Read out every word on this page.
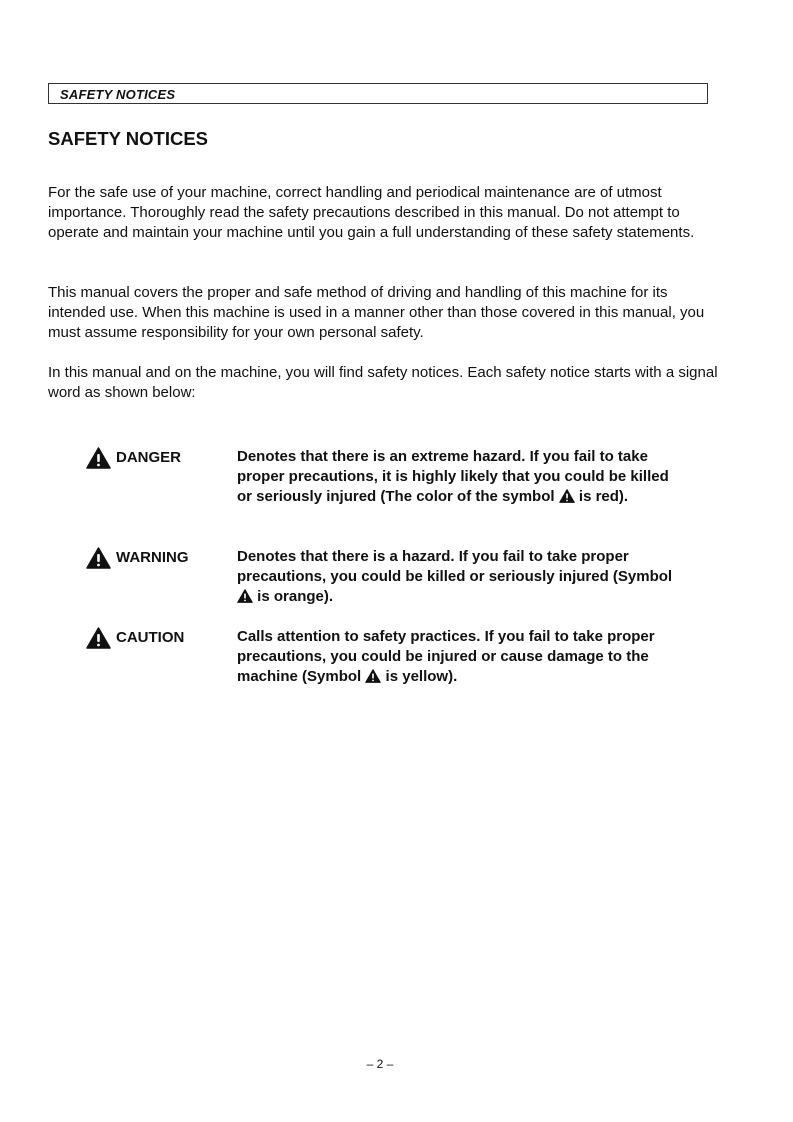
SAFETY NOTICES
SAFETY NOTICES

For the safe use of your machine, correct handling and periodical maintenance are of utmost importance. Thoroughly read the safety precautions described in this manual. Do not attempt to operate and maintain your machine until you gain a full understanding of these safety statements.

This manual covers the proper and safe method of driving and handling of this machine for its intended use. When this machine is used in a manner other than those covered in this manual, you must assume responsibility for your own personal safety.

In this manual and on the machine, you will find safety notices. Each safety notice starts with a signal word as shown below:

DANGER	Denotes that there is an extreme hazard. If you fail to take proper precautions, it is highly likely that you could be killed or seriously injured (The color of the symbol is red).

WARNING	Denotes that there is a hazard. If you fail to take proper precautions, you could be killed or seriously injured (Symbol  is orange).

CAUTION	Calls attention to safety practices. If you fail to take proper precautions, you could be injured or cause damage to the machine (Symbol is yellow).

– 2 –
